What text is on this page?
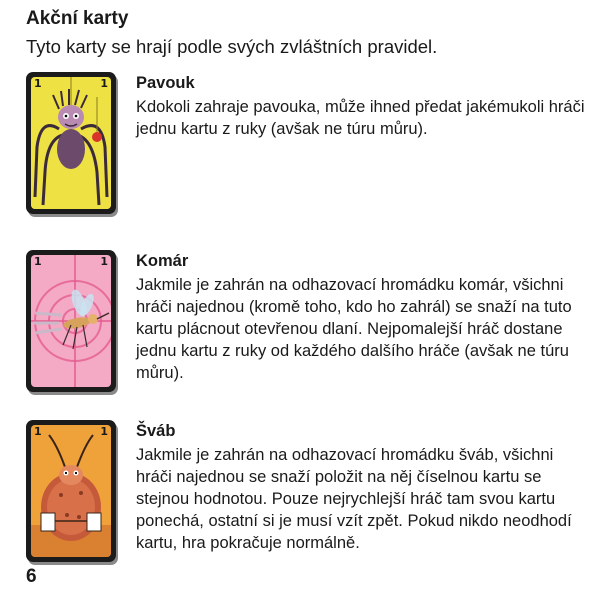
Akční karty

Tyto karty se hrají podle svých zvláštních pravidel.

1	1 Pavouk

Kdokoli zahraje pavouka, může ihned předat jakémukoli hráči jednu kartu z ruky (avšak ne túru můru).

1	1 Komár

Jakmile je zahrán na odhazovací hromádku komár, všichni hráči najednou (kromě toho, kdo ho zahrál) se snaží na tuto kartu plácnout otevřenou dlaní. Nejpomalejší hráč dostane jednu kartu z ruky od každého dalšího hráče (avšak ne túru můru).

1	1 Šváb

Jakmile je zahrán na odhazovací hromádku šváb, všichni hráči najednou se snaží položit na něj číselnou kartu se stejnou hodnotou. Pouze nejrychlejší hráč tam svou kartu ponechá, ostatní si je musí vzít zpět. Pokud nikdo neodhodí kartu, hra pokračuje normálně.

6
